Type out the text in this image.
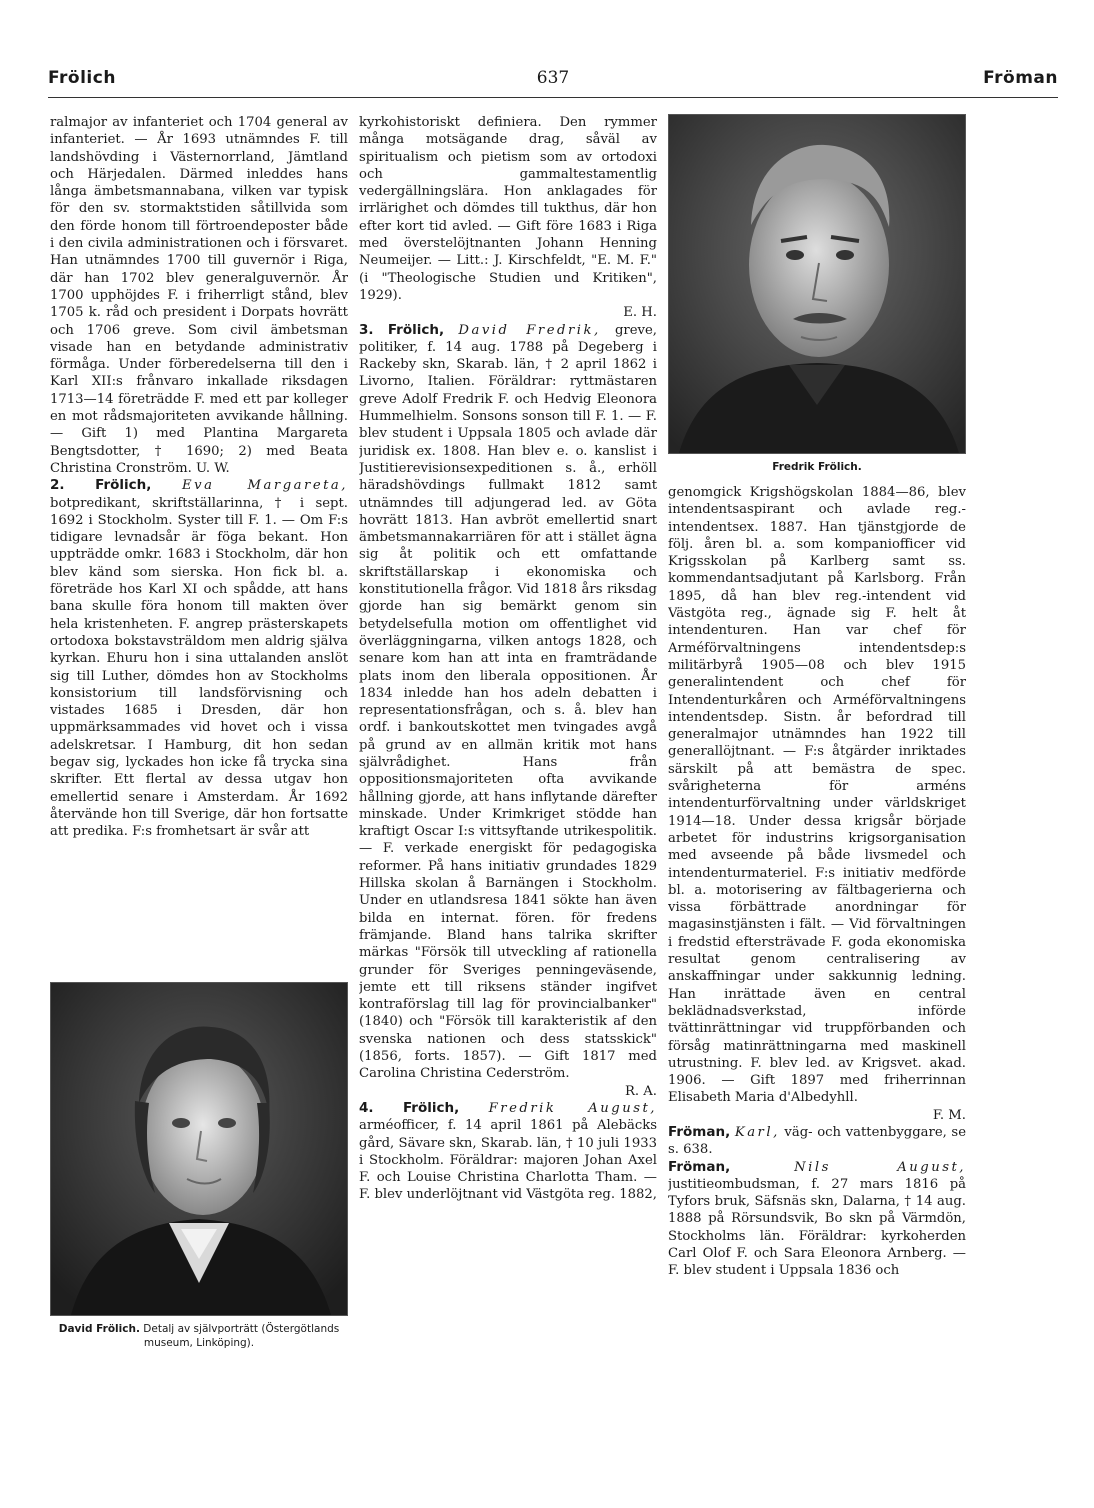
Frölich	637	Fröman

ralmajor av infanteriet och 1704 general av infanteriet. — År 1693 utnämndes F. till landshövding i Västernorrland, Jämtland och Härjedalen. Därmed inleddes hans långa ämbetsmannabana, vilken var typisk för den sv. stormaktstiden såtillvida som den förde honom till förtroendeposter både i den civila administrationen och i försvaret. Han utnämndes 1700 till guvernör i Riga, där han 1702 blev generalguvernör. År 1700 upphöjdes F. i friherrligt stånd, blev 1705 k. råd och president i Dorpats hovrätt och 1706 greve. Som civil ämbetsman visade han en betydande administrativ förmåga. Under förberedelserna till den i Karl XII:s frånvaro inkallade riksdagen 1713—14 företrädde F. med ett par kolleger en mot rådsmajoriteten avvikande hållning. — Gift 1) med Plantina Margareta Bengtsdotter, † 1690; 2) med Beata Christina Cronström. U. W.

2. Frölich, Eva Margareta, botpredikant, skriftställarinna, † i sept. 1692 i Stockholm. Syster till F. 1. — Om F:s tidigare levnadsår är föga bekant. Hon uppträdde omkr. 1683 i Stockholm, där hon blev känd som sierska. Hon fick bl. a. företräde hos Karl XI och spådde, att hans bana skulle föra honom till makten över hela kristenheten. F. angrep prästerskapets ortodoxa bokstavsträldom men aldrig själva kyrkan. Ehuru hon i sina uttalanden anslöt sig till Luther, dömdes hon av Stockholms konsistorium till landsförvisning och vistades 1685 i Dresden, där hon uppmärksammades vid hovet och i vissa adelskretsar. I Hamburg, dit hon sedan begav sig, lyckades hon icke få trycka sina skrifter. Ett flertal av dessa utgav hon emellertid senare i Amsterdam. År 1692 återvände hon till Sverige, där hon fortsatte att predika. F:s fromhetsart är svår att

David Frölich. Detalj av självporträtt (Östergötlands museum, Linköping).

kyrkohistoriskt definiera. Den rymmer många motsägande drag, såväl av spiritualism och pietism som av ortodoxi och gammaltestamentlig vedergällningslära. Hon anklagades för irrlärighet och dömdes till tukthus, där hon efter kort tid avled. — Gift före 1683 i Riga med överstelöjtnanten Johann Henning Neumeijer. — Litt.: J. Kirschfeldt, "E. M. F." (i "Theologische Studien und Kritiken", 1929).
E. H.

3. Frölich, David Fredrik, greve, politiker, f. 14 aug. 1788 på Degeberg i Rackeby skn, Skarab. län, † 2 april 1862 i Livorno, Italien. Föräldrar: ryttmästaren greve Adolf Fredrik F. och Hedvig Eleonora Hummelhielm. Sonsons sonson till F. 1. — F. blev student i Uppsala 1805 och avlade där juridisk ex. 1808. Han blev e. o. kanslist i Justitierevisionsexpeditionen s. å., erhöll häradshövdings fullmakt 1812 samt utnämndes till adjungerad led. av Göta hovrätt 1813. Han avbröt emellertid snart ämbetsmannakarriären för att i stället ägna sig åt politik och ett omfattande skriftställarskap i ekonomiska och konstitutionella frågor. Vid 1818 års riksdag gjorde han sig bemärkt genom sin betydelsefulla motion om offentlighet vid överläggningarna, vilken antogs 1828, och senare kom han att inta en framträdande plats inom den liberala oppositionen. År 1834 inledde han hos adeln debatten i representationsfrågan, och s. å. blev han ordf. i bankoutskottet men tvingades avgå på grund av en allmän kritik mot hans självrådighet. Hans från oppositionsmajoriteten ofta avvikande hållning gjorde, att hans inflytande därefter minskade. Under Krimkriget stödde han kraftigt Oscar I:s vittsyftande utrikespolitik. — F. verkade energiskt för pedagogiska reformer. På hans initiativ grundades 1829 Hillska skolan å Barnängen i Stockholm. Under en utlandsresa 1841 sökte han även bilda en internat. fören. för fredens främjande. Bland hans talrika skrifter märkas "Försök till utveckling af rationella grunder för Sveriges penningeväsende, jemte ett till riksens ständer ingifvet kontraförslag till lag för provincialbanker" (1840) och "Försök till karakteristik af den svenska nationen och dess statsskick" (1856, forts. 1857). — Gift 1817 med Carolina Christina Cederström.
R. A.

4. Frölich, Fredrik August, arméofficer, f. 14 april 1861 på Alebäcks gård, Sävare skn, Skarab. län, † 10 juli 1933 i Stockholm. Föräldrar: majoren Johan Axel F. och Louise Christina Charlotta Tham. — F. blev underlöjtnant vid Västgöta reg. 1882,

Fredrik Frölich.

genomgick Krigshögskolan 1884—86, blev intendentsaspirant och avlade reg.-intendentsex. 1887. Han tjänstgjorde de följ. åren bl. a. som kompaniofficer vid Krigsskolan på Karlberg samt ss. kommendantsadjutant på Karlsborg. Från 1895, då han blev reg.-intendent vid Västgöta reg., ägnade sig F. helt åt intendenturen. Han var chef för Arméförvaltningens intendentsdep:s militärbyrå 1905—08 och blev 1915 generalintendent och chef för Intendenturkåren och Arméförvaltningens intendentsdep. Sistn. år befordrad till generalmajor utnämndes han 1922 till generallöjtnant. — F:s åtgärder inriktades särskilt på att bemästra de spec. svårigheterna för arméns intendenturförvaltning under världskriget 1914—18. Under dessa krigsår började arbetet för industrins krigsorganisation med avseende på både livsmedel och intendenturmateriel. F:s initiativ medförde bl. a. motorisering av fältbagerierna och vissa förbättrade anordningar för magasinstjänsten i fält. — Vid förvaltningen i fredstid eftersträvade F. goda ekonomiska resultat genom centralisering av anskaffningar under sakkunnig ledning. Han inrättade även en central beklädnadsverkstad, införde tvättinrättningar vid truppförbanden och försåg matinrättningarna med maskinell utrustning. F. blev led. av Krigsvet. akad. 1906. — Gift 1897 med friherrinnan Elisabeth Maria d'Albedyhll.
F. M.

Fröman, Karl, väg- och vattenbyggare, se s. 638.

Fröman,	Nils August, justitieombudsman, f. 27 mars 1816 på Tyfors bruk, Säfsnäs skn, Dalarna, † 14 aug. 1888 på Rörsundsvik, Bo skn på Värmdön, Stockholms län. Föräldrar: kyrkoherden Carl Olof F. och Sara Eleonora Arnberg. — F. blev student i Uppsala 1836 och
